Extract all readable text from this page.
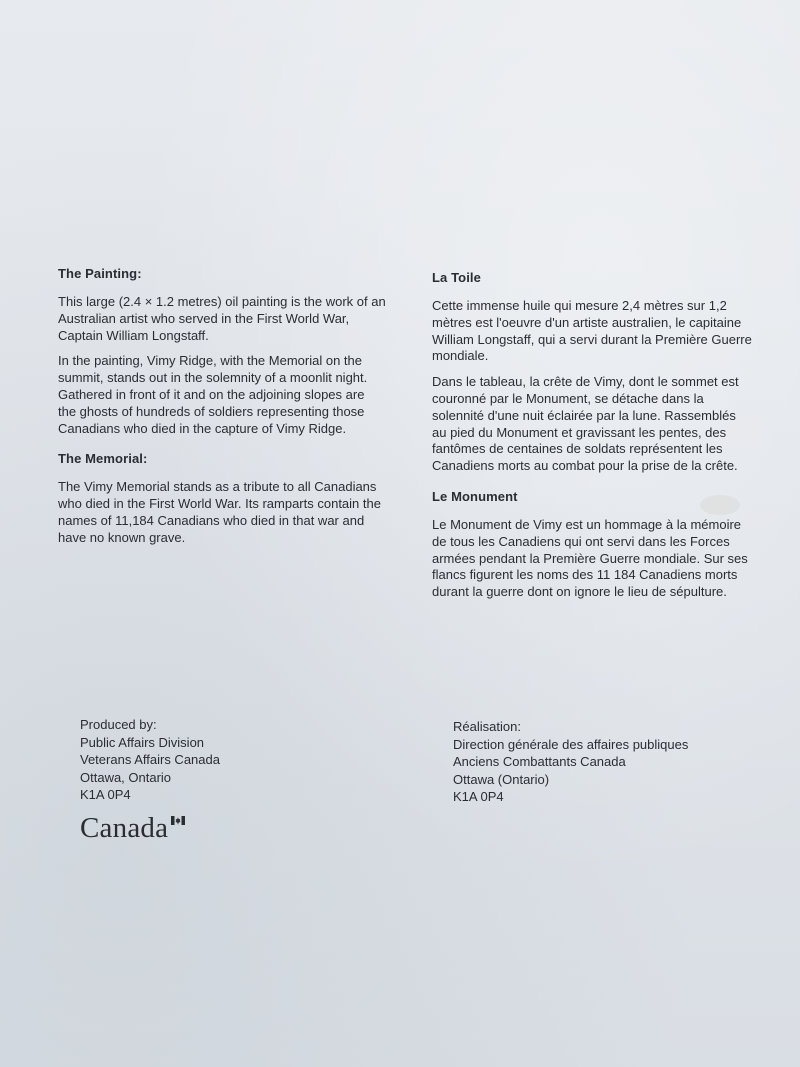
The Painting:

This large (2.4 × 1.2 metres) oil painting is the work of an Australian artist who served in the First World War, Captain William Longstaff.

In the painting, Vimy Ridge, with the Memorial on the summit, stands out in the solemnity of a moonlit night. Gathered in front of it and on the adjoining slopes are the ghosts of hundreds of soldiers representing those Canadians who died in the capture of Vimy Ridge.

The Memorial:

The Vimy Memorial stands as a tribute to all Canadians who died in the First World War. Its ramparts contain the names of 11,184 Canadians who died in that war and have no known grave.

La Toile

Cette immense huile qui mesure 2,4 mètres sur 1,2 mètres est l'oeuvre d'un artiste australien, le capitaine William Longstaff, qui a servi durant la Première Guerre mondiale.

Dans le tableau, la crête de Vimy, dont le sommet est couronné par le Monument, se détache dans la solennité d'une nuit éclairée par la lune. Rassemblés au pied du Monument et gravissant les pentes, des fantômes de centaines de soldats représentent les Canadiens morts au combat pour la prise de la crête.

Le Monument

Le Monument de Vimy est un hommage à la mémoire de tous les Canadiens qui ont servi dans les Forces armées pendant la Première Guerre mondiale. Sur ses flancs figurent les noms des 11 184 Canadiens morts durant la guerre dont on ignore le lieu de sépulture.

Produced by:
Public Affairs Division
Veterans Affairs Canada
Ottawa, Ontario
K1A 0P4
Réalisation:
Direction générale des affaires publiques
Anciens Combattants Canada
Ottawa (Ontario)
K1A 0P4
Canada
